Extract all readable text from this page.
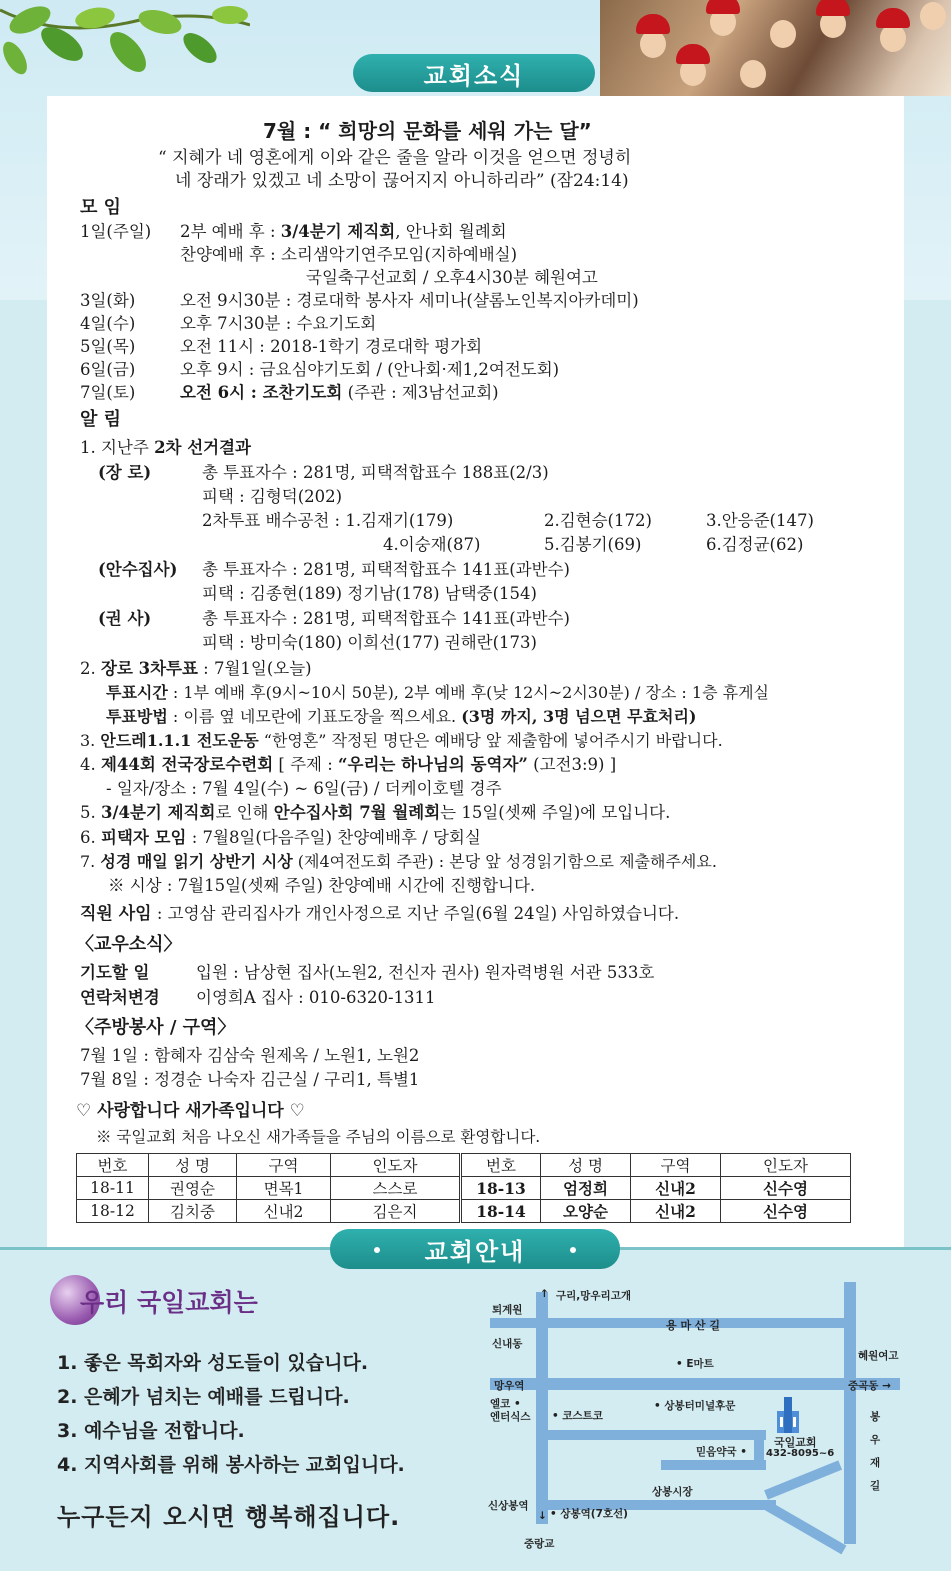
교회소식
7월 : “ 희망의 문화를 세워 가는 달”
“ 지혜가 네 영혼에게 이와 같은 줄을 알라 이것을 얻으면 정녕히
네 장래가 있겠고 네 소망이 끊어지지 아니하리라” (잠24:14)
모 임
1일(주일) 2부 예배 후 : 3/4분기 제직회, 안나회 월례회
찬양예배 후 : 소리샘악기연주모임(지하예배실)
국일축구선교회 / 오후4시30분 혜원여고
3일(화)	오전 9시30분 : 경로대학 봉사자 세미나(샬롬노인복지아카데미)
4일(수)	오후 7시30분 : 수요기도회
5일(목)	오전 11시 : 2018-1학기 경로대학 평가회
6일(금)	오후 9시 : 금요심야기도회 / (안나회·제1,2여전도회)
7일(토)	오전 6시 : 조찬기도회 (주관 : 제3남선교회)
알 림
1. 지난주 2차 선거결과
(장 로)	총 투표자수 : 281명, 피택적합표수 188표(2/3)
피택 : 김형덕(202)
2차투표 배수공천 : 1.김재기(179)	2.김현승(172)	3.안응준(147)
4.이숭재(87)	5.김봉기(69)	6.김정균(62)
(안수집사) 총 투표자수 : 281명, 피택적합표수 141표(과반수)
피택 : 김종현(189) 정기남(178) 남택중(154)
(권 사)	총 투표자수 : 281명, 피택적합표수 141표(과반수)
피택 : 방미숙(180) 이희선(177) 권해란(173)
2. 장로 3차투표 : 7월1일(오늘)
투표시간 : 1부 예배 후(9시~10시 50분), 2부 예배 후(낮 12시~2시30분) / 장소 : 1층 휴게실
투표방법 : 이름 옆 네모란에 기표도장을 찍으세요. (3명 까지, 3명 넘으면 무효처리)
3. 안드레1.1.1 전도운동 “한영혼” 작정된 명단은 예배당 앞 제출함에 넣어주시기 바랍니다.
4. 제44회 전국장로수련회 [ 주제 : “우리는 하나님의 동역자” (고전3:9) ]
- 일자/장소 : 7월 4일(수) ~ 6일(금) / 더케이호텔 경주
5. 3/4분기 제직회로 인해 안수집사회 7월 월례회는 15일(셋째 주일)에 모입니다.
6. 피택자 모임 : 7월8일(다음주일) 찬양예배후 / 당회실
7. 성경 매일 읽기 상반기 시상 (제4여전도회 주관) : 본당 앞 성경읽기함으로 제출해주세요.
※ 시상 : 7월15일(셋째 주일) 찬양예배 시간에 진행합니다.
직원 사임 : 고영삼 관리집사가 개인사정으로 지난 주일(6월 24일) 사임하였습니다.
〈교우소식〉
기도할 일	입원 : 남상현 집사(노원2, 전신자 권사) 원자력병원 서관 533호
연락처변경 이영희A 집사 : 010-6320-1311
〈주방봉사 / 구역〉
7월 1일 : 함혜자 김삼숙 원제옥 / 노원1, 노원2
7월 8일 : 정경순 나숙자 김근실 / 구리1, 특별1
♡ 사랑합니다 새가족입니다 ♡
※ 국일교회 처음 나오신 새가족들을 주님의 이름으로 환영합니다.
번호	성 명	구역	인도자	번호	성 명	구역	인도자
18-11	권영순	면목1	스스로	18-13	엄정희	신내2	신수영
18-12	김치중	신내2	김은지	18-14	오양순	신내2	신수영
교회안내
우리 국일교회는
1. 좋은 목회자와 성도들이 있습니다.
2. 은혜가 넘치는 예배를 드립니다.
3. 예수님을 전합니다.
4. 지역사회를 위해 봉사하는 교회입니다.
누구든지 오시면 행복해집니다.
↑ 구리,망우리고개
퇴계원
용 마 산 길
신내동
혜원여고
• E마트
망우역	중곡동 →
엘코 •
엔터식스 • 코스트코
• 상봉터미널후문
국일교회
432-8095~6
믿음약국 •
봉
우
재
길
상봉시장
신상봉역
• 상봉역(7호선)
↓
중랑교
